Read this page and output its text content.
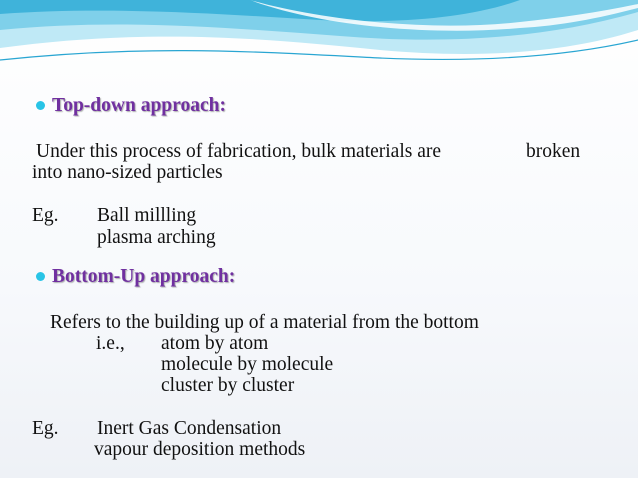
Top-down approach:
Under this process of fabrication, bulk materials are	broken
into nano-sized particles
Eg. Ball millling
plasma arching
Bottom-Up approach:
Refers to the building up of a material from the bottom
i.e., atom by atom
molecule by molecule
cluster by cluster
Eg. Inert Gas Condensation
vapour deposition methods
